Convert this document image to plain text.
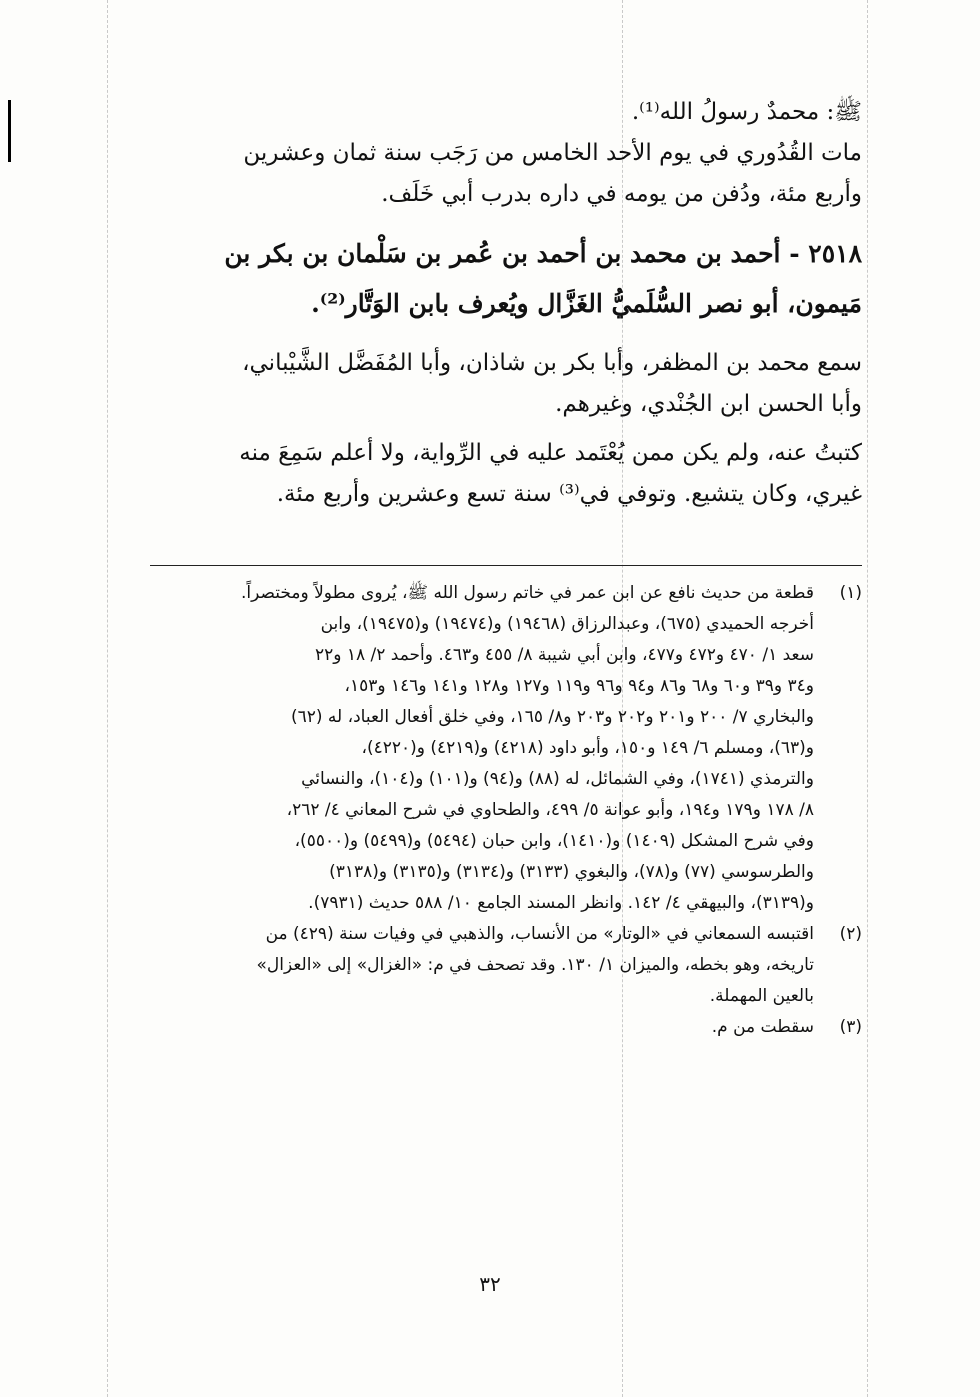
ﷺ: محمدٌ رسولُ الله⁽¹⁾.
مات القُدُوري في يوم الأحد الخامس من رَجَب سنة ثمان وعشرين
وأربع مئة، ودُفن من يومه في داره بدرب أبي خَلَف.
٢٥١٨ - أحمد بن محمد بن أحمد بن عُمر بن سَلْمان بن بكر بن
مَيمون، أبو نصر السُّلَميُّ الغَزَّال ويُعرف بابن الوَتَّار⁽²⁾.
سمع محمد بن المظفر، وأبا بكر بن شاذان، وأبا المُفَضَّل الشَّيْباني،
وأبا الحسن ابن الجُنْدي، وغيرهم.
كتبتُ عنه، ولم يكن ممن يُعْتَمد عليه في الرِّواية، ولا أعلم سَمِعَ منه
غيري، وكان يتشيع. وتوفي في⁽³⁾ سنة تسع وعشرين وأربع مئة.
(١)
قطعة من حديث نافع عن ابن عمر في خاتم رسول الله ﷺ، يُروى مطولاً ومختصراً.
أخرجه الحميدي (٦٧٥)، وعبدالرزاق (١٩٤٦٨) و(١٩٤٧٤) و(١٩٤٧٥)، وابن
سعد ١/ ٤٧٠ و٤٧٢ و٤٧٧، وابن أبي شيبة ٨/ ٤٥٥ و٤٦٣. وأحمد ٢/ ١٨ و٢٢
و٣٤ و٣٩ و٦٠ و٦٨ و٨٦ و٩٤ و٩٦ و١١٩ و١٢٧ و١٢٨ و١٤١ و١٤٦ و١٥٣،
والبخاري ٧/ ٢٠٠ و٢٠١ و٢٠٢ و٢٠٣ و٨/ ١٦٥، وفي خلق أفعال العباد، له (٦٢)
و(٦٣)، ومسلم ٦/ ١٤٩ و١٥٠، وأبو داود (٤٢١٨) و(٤٢١٩) و(٤٢٢٠)،
والترمذي (١٧٤١)، وفي الشمائل، له (٨٨) و(٩٤) و(١٠١) و(١٠٤)، والنسائي
٨/ ١٧٨ و١٧٩ و١٩٤، وأبو عوانة ٥/ ٤٩٩، والطحاوي في شرح المعاني ٤/ ٢٦٢،
وفي شرح المشكل (١٤٠٩) و(١٤١٠)، وابن حبان (٥٤٩٤) و(٥٤٩٩) و(٥٥٠٠)،
والطرسوسي (٧٧) و(٧٨)، والبغوي (٣١٣٣) و(٣١٣٤) و(٣١٣٥) و(٣١٣٨)
و(٣١٣٩)، والبيهقي ٤/ ١٤٢. وانظر المسند الجامع ١٠/ ٥٨٨ حديث (٧٩٣١).
(٢)
اقتبسه السمعاني في «الوتار» من الأنساب، والذهبي في وفيات سنة (٤٢٩) من
تاريخه، وهو بخطه، والميزان ١/ ١٣٠. وقد تصحف في م: «الغزال» إلى «العزال»
بالعين المهملة.
(٣)
سقطت من م.
٣٢
